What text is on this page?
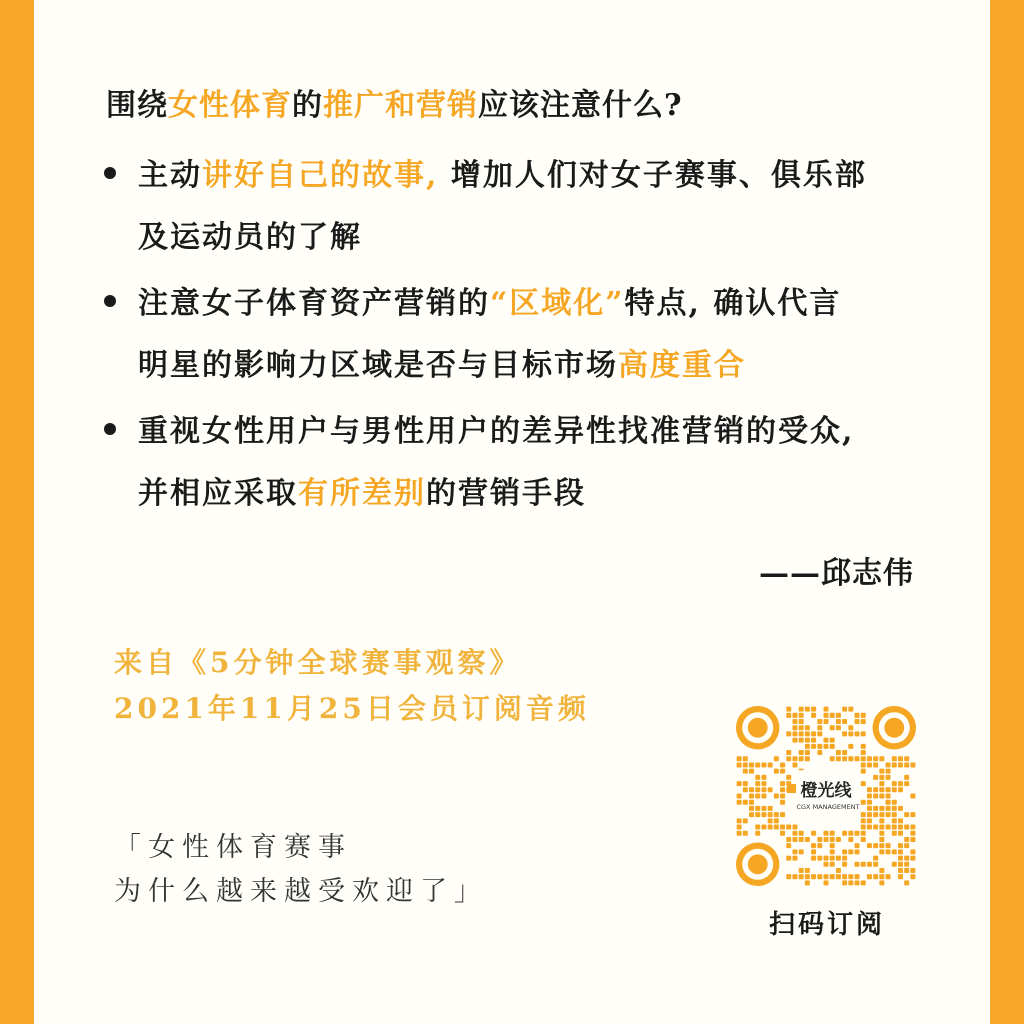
围绕女性体育的推广和营销应该注意什么?
主动讲好自己的故事, 增加人们对女子赛事、俱乐部
及运动员的了解
注意女子体育资产营销的“区域化”特点, 确认代言
明星的影响力区域是否与目标市场高度重合
重视女性用户与男性用户的差异性找准营销的受众,
并相应采取有所差别的营销手段
——邱志伟
来自《5分钟全球赛事观察》
2021年11月25日会员订阅音频
「女性体育赛事
为什么越来越受欢迎了」
橙光线
CGX MANAGEMENT
扫码订阅
